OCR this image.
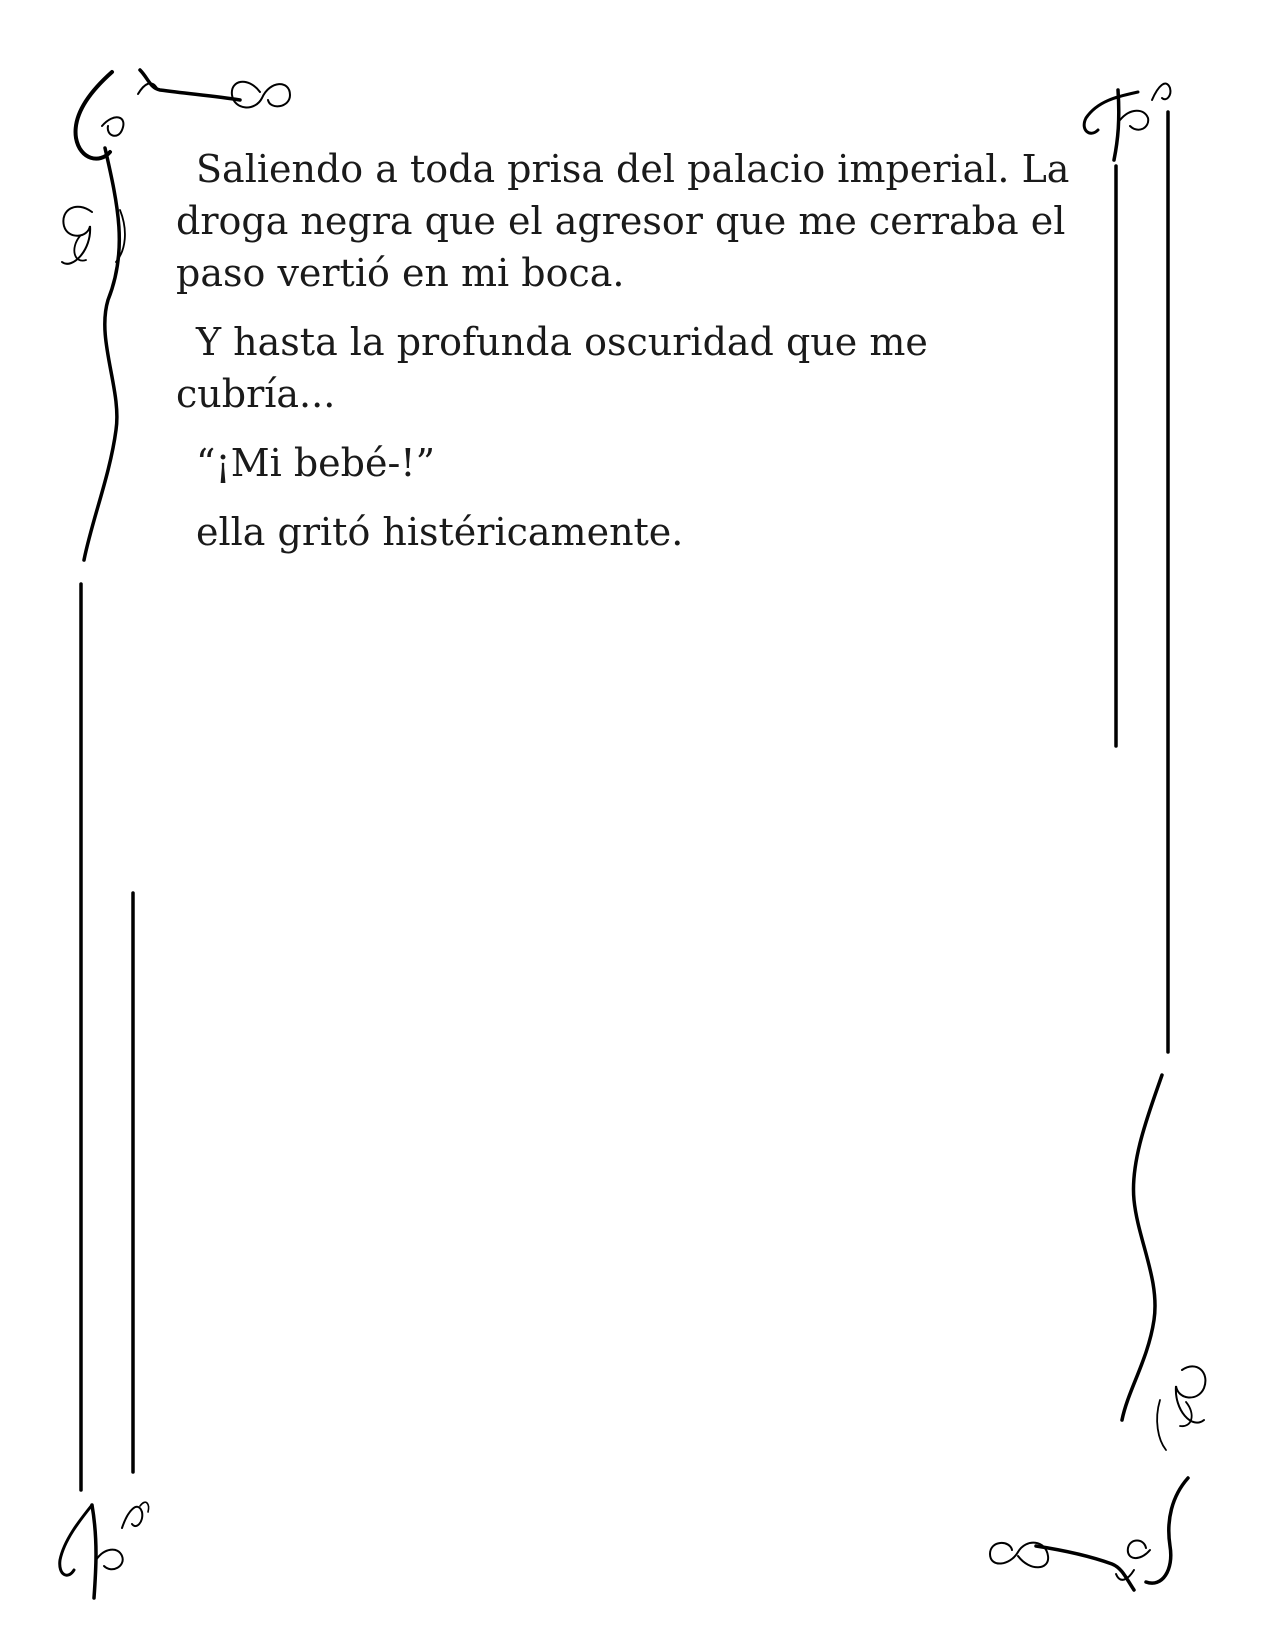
Saliendo a toda prisa del palacio imperial. La droga negra que el agresor que me cerraba el paso vertió en mi boca.

Y hasta la profunda oscuridad que me cubría...

“¡Mi bebé-!”

ella gritó histéricamente.
